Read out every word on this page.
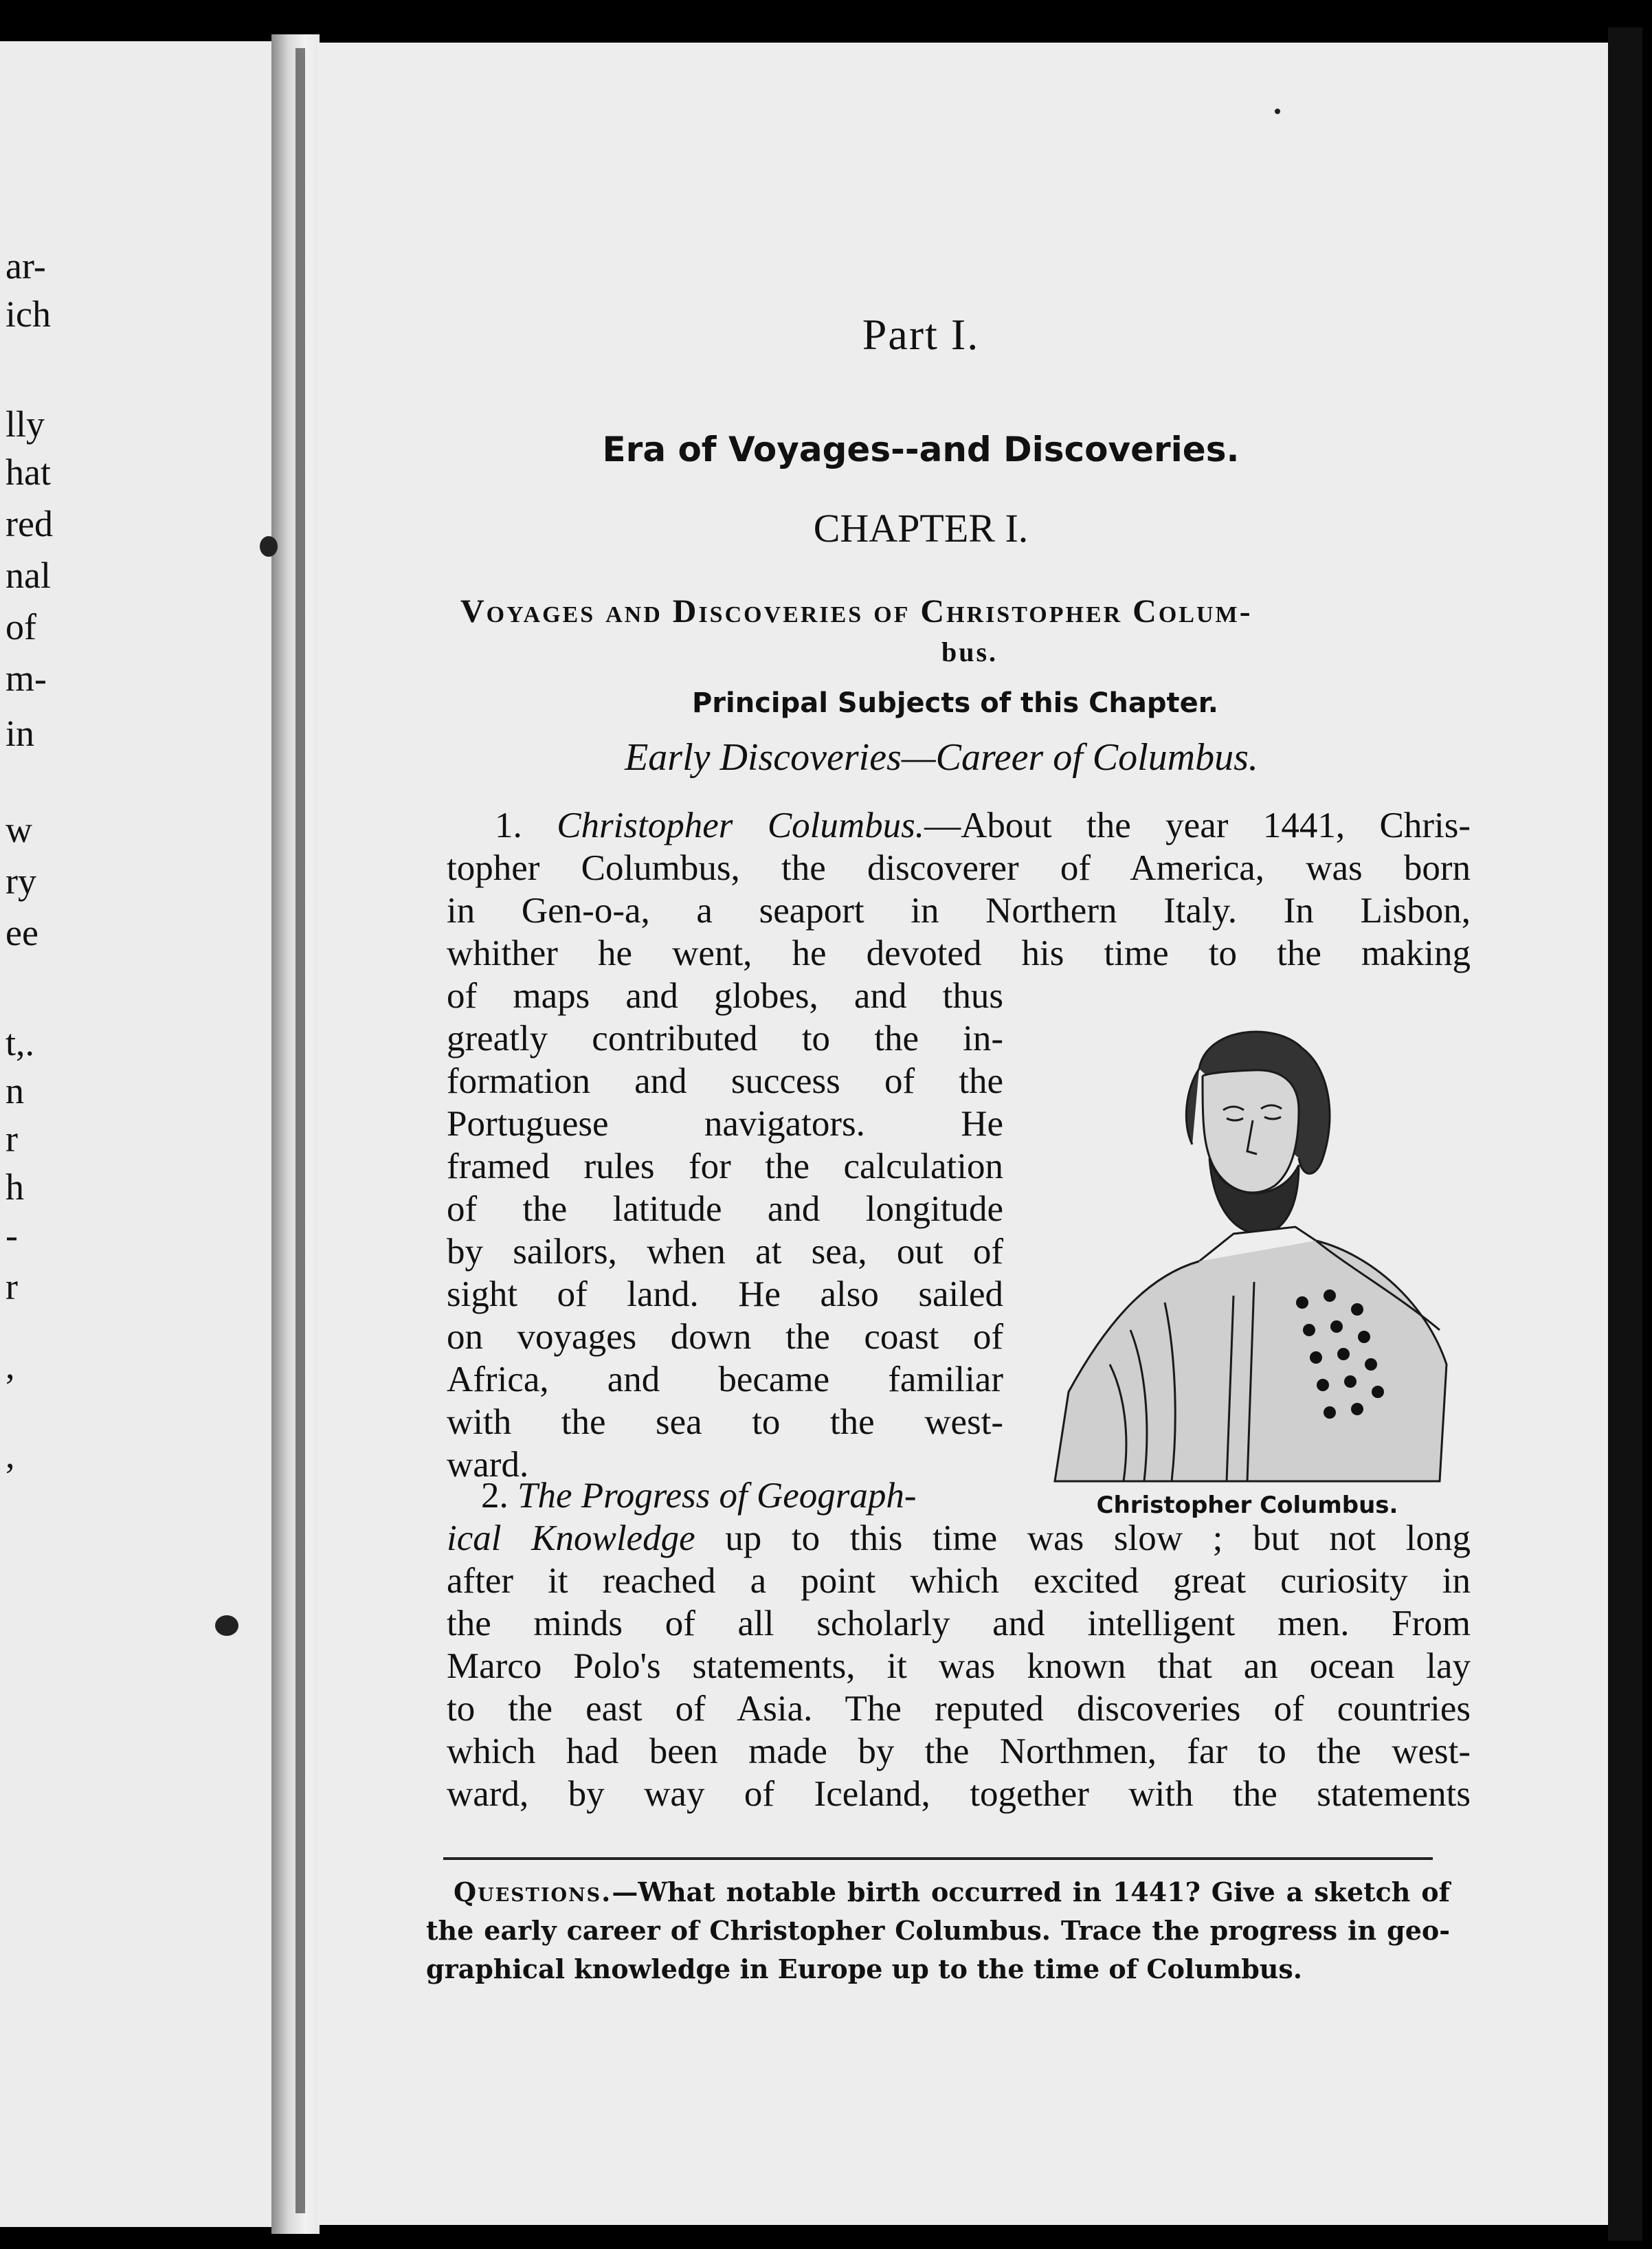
ar-
ich
lly
hat
red
nal
of
m-
in
w
ry
ee
t,.
n
r
h
-
r
,
,
Part I.
Era of Voyages--and Discoveries.
CHAPTER I.
Voyages and Discoveries of Christopher Colum-
bus.
Principal Subjects of this Chapter.
Early Discoveries—Career of Columbus.
1. Christopher Columbus.—About the year 1441, Chris-
topher Columbus, the discoverer of America, was born
in Gen-o-a, a seaport in Northern Italy. In Lisbon,
whither he went, he devoted his time to the making
of maps and globes, and thus
greatly contributed to the in-
formation and success of the
Portuguese navigators. He
framed rules for the calculation
of the latitude and longitude
by sailors, when at sea, out of
sight of land. He also sailed
on voyages down the coast of
Africa, and became familiar
with the sea to the west-
ward.
Christopher Columbus.
2. The Progress of Geograph-
ical Knowledge up to this time was slow ; but not long
after it reached a point which excited great curiosity in
the minds of all scholarly and intelligent men. From
Marco Polo's statements, it was known that an ocean lay
to the east of Asia. The reputed discoveries of countries
which had been made by the Northmen, far to the west-
ward, by way of Iceland, together with the statements
Questions.—What notable birth occurred in 1441? Give a sketch of
the early career of Christopher Columbus. Trace the progress in geo-
graphical knowledge in Europe up to the time of Columbus.
